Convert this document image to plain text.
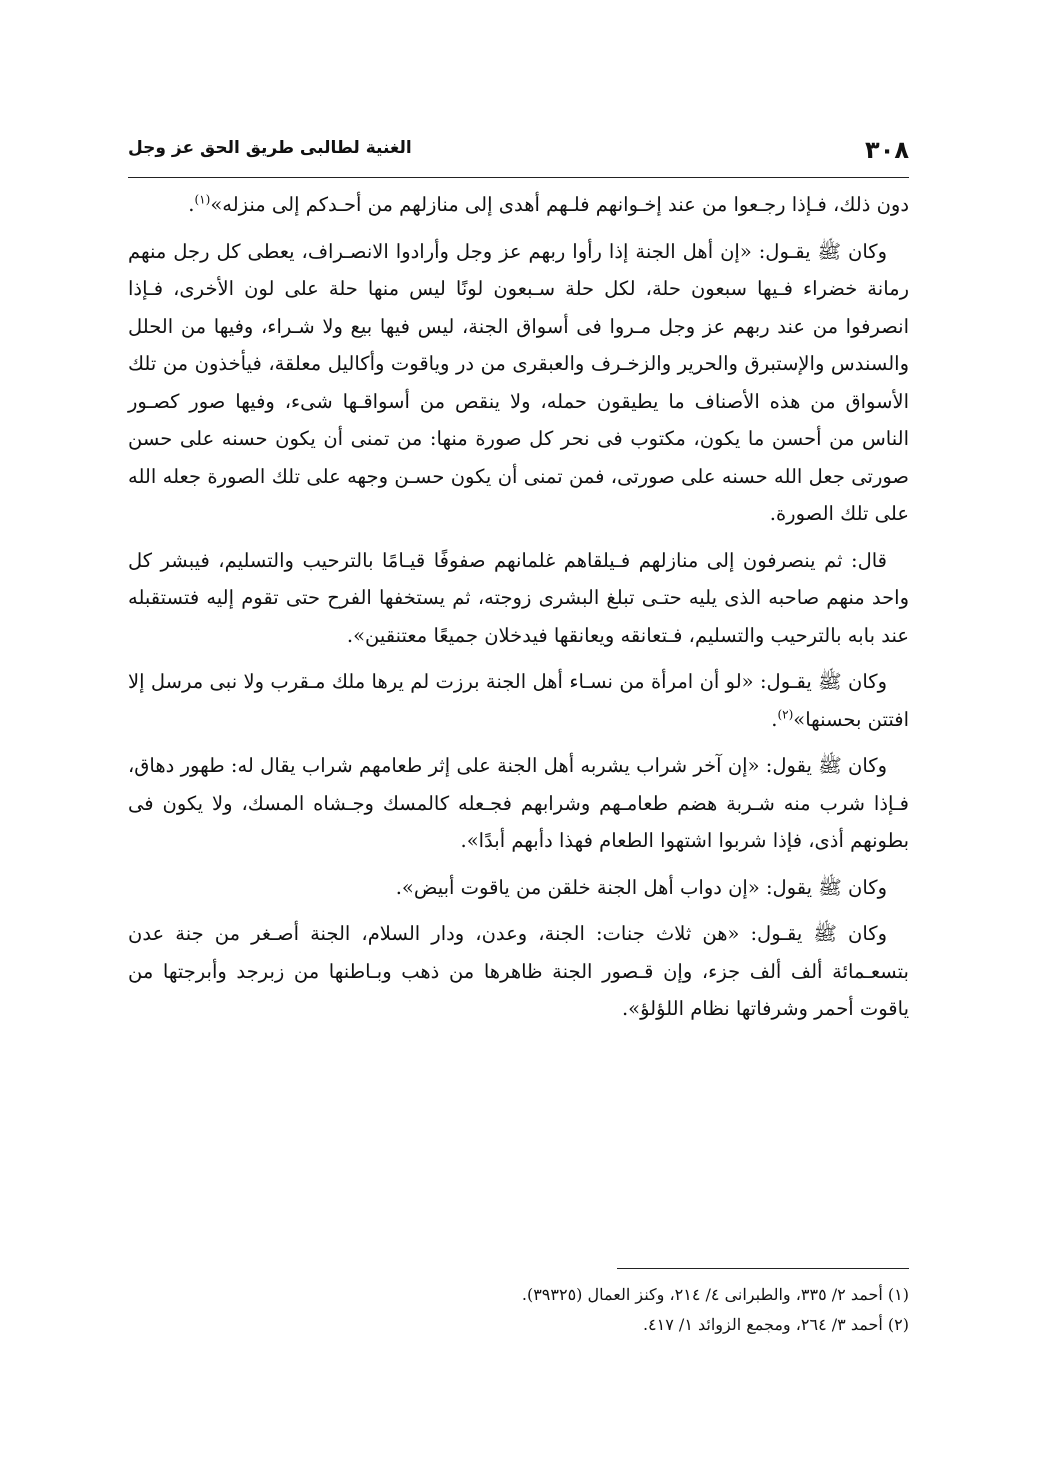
٣٠٨
الغنية لطالبى طريق الحق عز وجل

دون ذلك، فـإذا رجـعوا من عند إخـوانهم فلـهم أهدى إلى منازلهم من أحـدكم إلى منزله»$^{(١)}$.

وكان ﷺ يقـول: «إن أهل الجنة إذا رأوا ربهم عز وجل وأرادوا الانصـراف، يعطى كل رجل منهم رمانة خضراء فـيها سبعون حلة، لكل حلة سـبعون لونًا ليس منها حلة على لون الأخرى، فـإذا انصرفوا من عند ربهم عز وجل مـروا فى أسواق الجنة، ليس فيها بيع ولا شـراء، وفيها من الحلل والسندس والإستبرق والحرير والزخـرف والعبقرى من در وياقوت وأكاليل معلقة، فيأخذون من تلك الأسواق من هذه الأصناف ما يطيقون حمله، ولا ينقص من أسواقـها شىء، وفيها صور كصـور الناس من أحسن ما يكون، مكتوب فى نحر كل صورة منها: من تمنى أن يكون حسنه على حسن صورتى جعل الله حسنه على صورتى، فمن تمنى أن يكون حسـن وجهه على تلك الصورة جعله الله على تلك الصورة.

قال: ثم ينصرفون إلى منازلهم فـيلقاهم غلمانهم صفوفًا قيـامًا بالترحيب والتسليم، فيبشر كل واحد منهم صاحبه الذى يليه حتـى تبلغ البشرى زوجته، ثم يستخفها الفرح حتى تقوم إليه فتستقبله عند بابه بالترحيب والتسليم، فـتعانقه ويعانقها فيدخلان جميعًا معتنقين».

وكان ﷺ يقـول: «لو أن امرأة من نسـاء أهل الجنة برزت لم يرها ملك مـقرب ولا نبى مرسل إلا افتتن بحسنها»$^{(٢)}$.

وكان ﷺ يقول: «إن آخر شراب يشربه أهل الجنة على إثر طعامهم شراب يقال له: طهور دهاق، فـإذا شرب منه شـربة هضم طعامـهم وشرابهم فجـعله كالمسك وجـشاه المسك، ولا يكون فى بطونهم أذى، فإذا شربوا اشتهوا الطعام فهذا دأبهم أبدًا».

وكان ﷺ يقول: «إن دواب أهل الجنة خلقن من ياقوت أبيض».

وكان ﷺ يقـول: «هن ثلاث جنات: الجنة، وعدن، ودار السلام، الجنة أصـغر من جنة عدن بتسعـمائة ألف ألف جزء، وإن قـصور الجنة ظاهرها من ذهب وبـاطنها من زبرجد وأبرجتها من ياقوت أحمر وشرفاتها نظام اللؤلؤ».

(١) أحمد ٢/ ٣٣٥، والطبرانى ٤/ ٢١٤، وكنز العمال (٣٩٣٢٥).

(٢) أحمد ٣/ ٢٦٤، ومجمع الزوائد ١/ ٤١٧.
